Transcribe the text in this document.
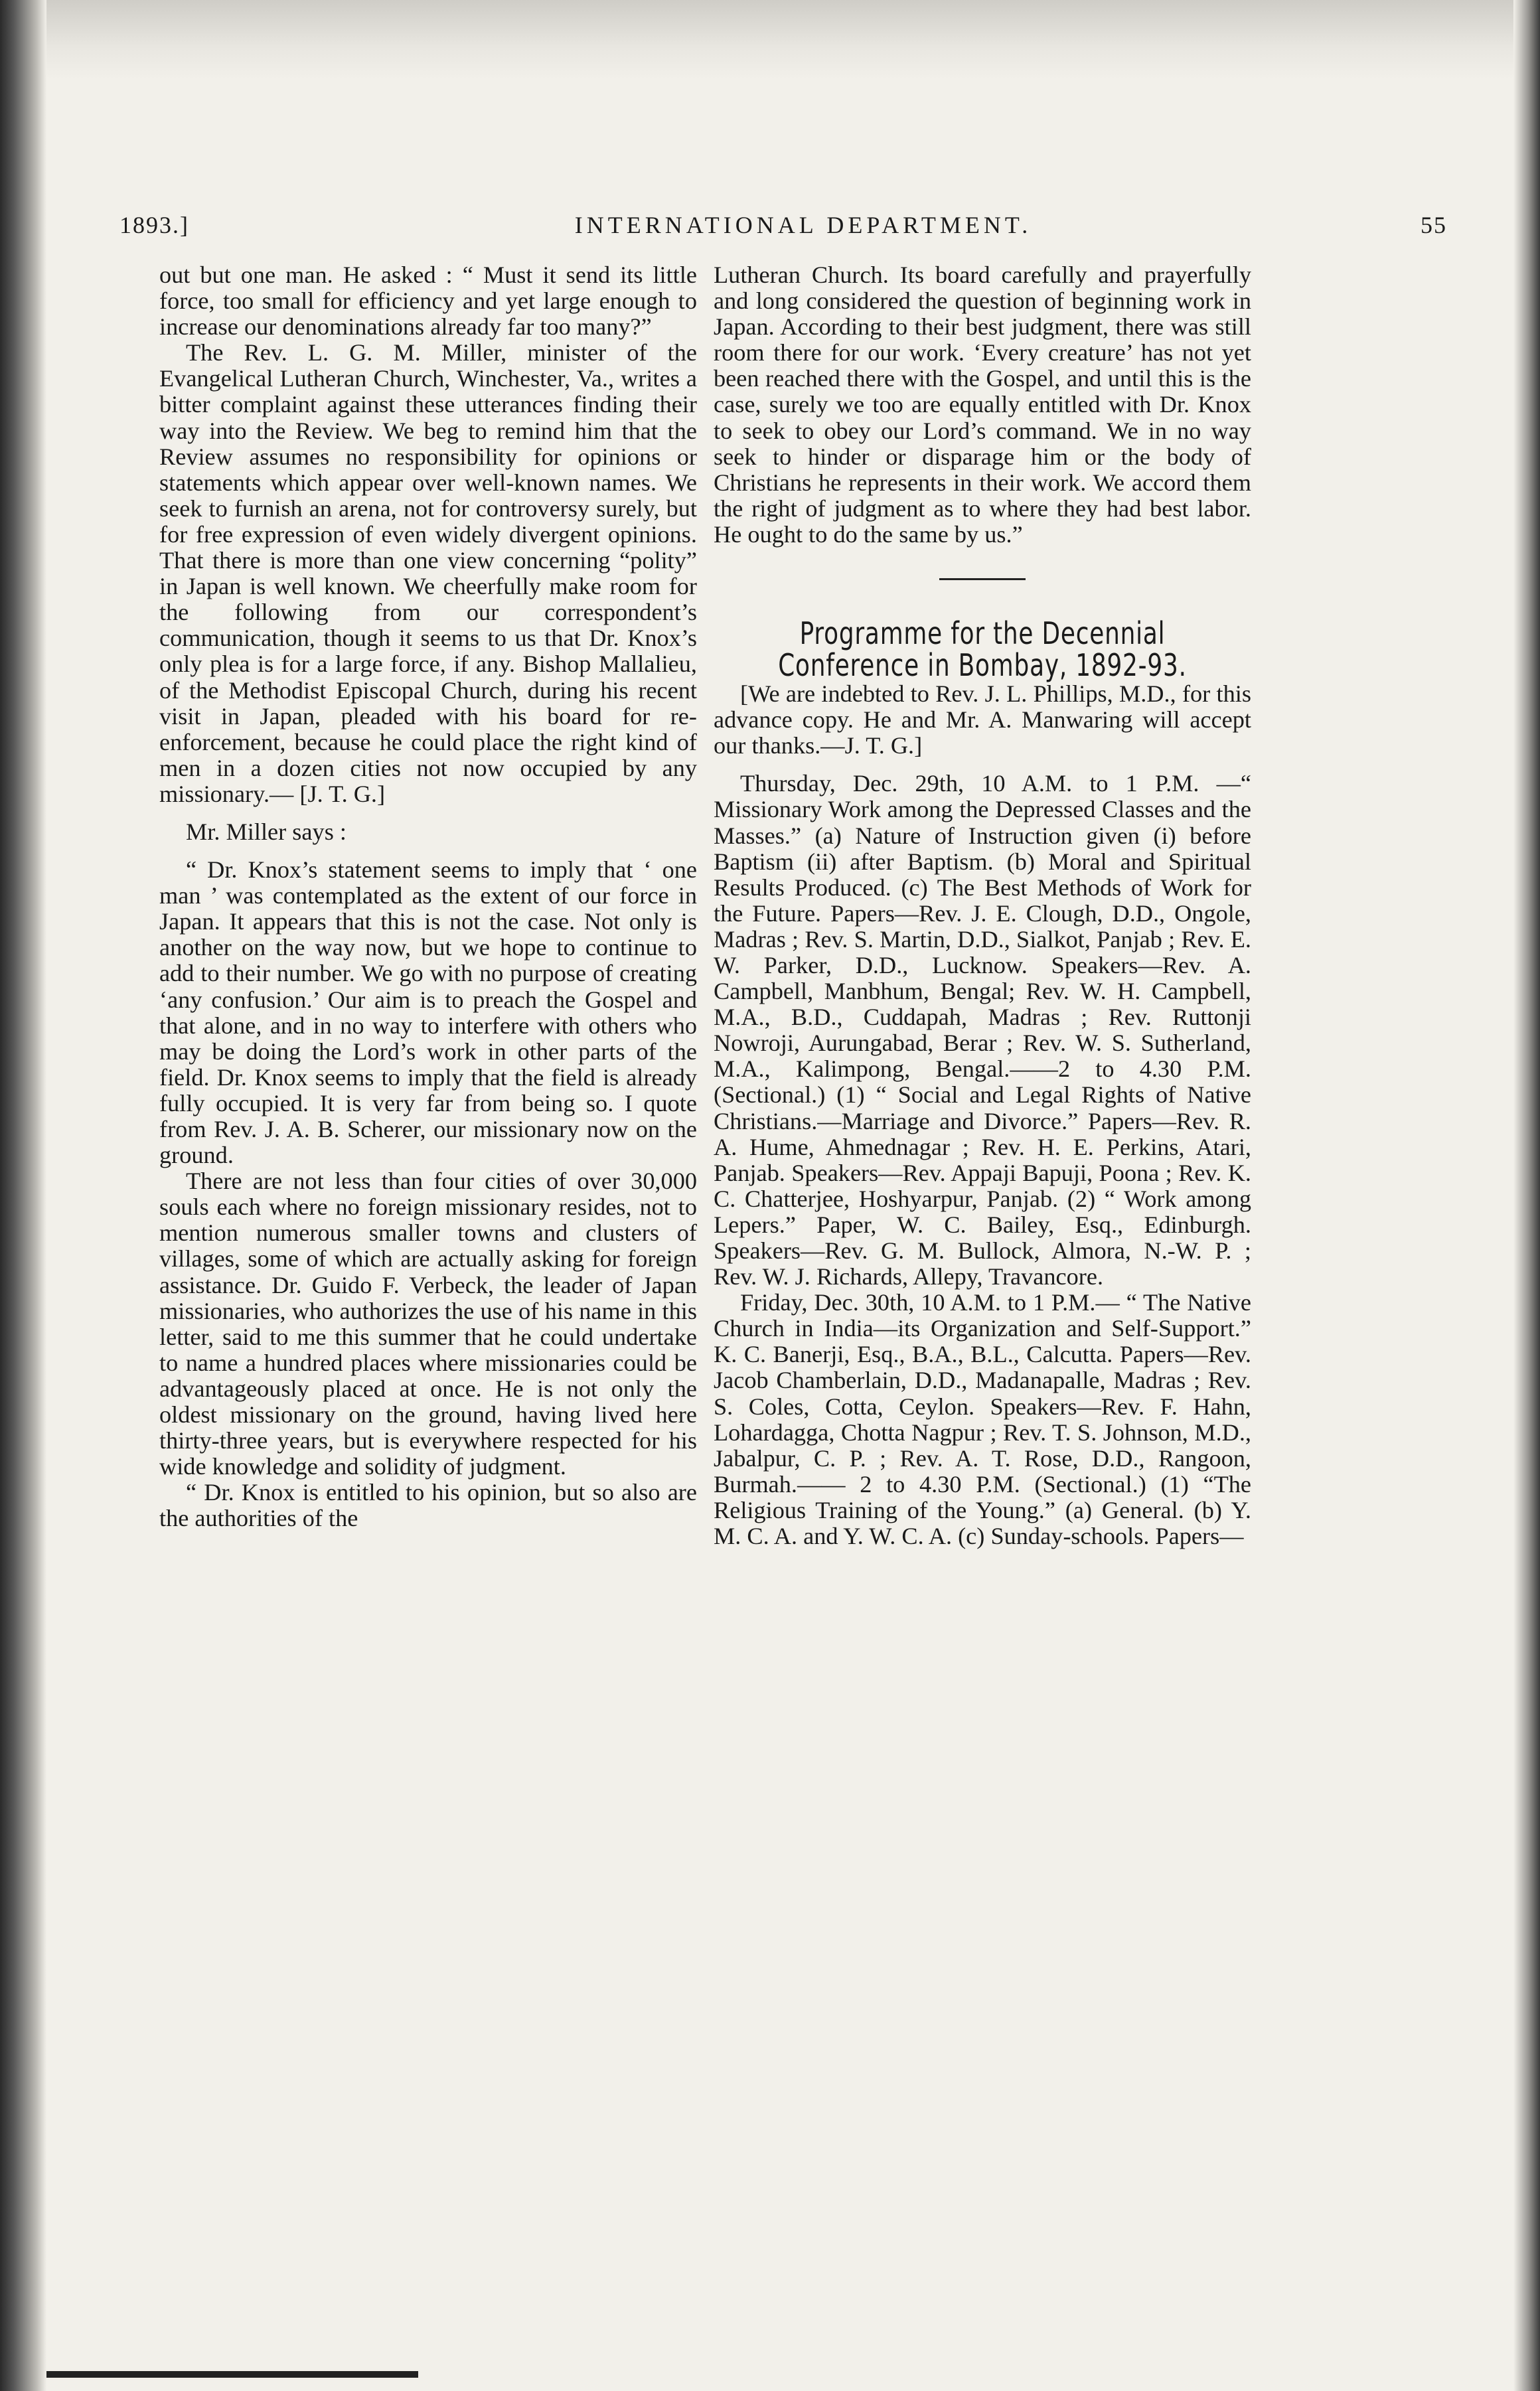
1893.]	INTERNATIONAL DEPARTMENT.	55

out but one man. He asked : “ Must it send its little force, too small for efficiency and yet large enough to increase our denominations already far too many?”

The Rev. L. G. M. Miller, minister of the Evangelical Lutheran Church, Winchester, Va., writes a bitter complaint against these utterances finding their way into the Review. We beg to remind him that the Review assumes no responsibility for opinions or statements which appear over well-known names. We seek to furnish an arena, not for controversy surely, but for free expression of even widely divergent opinions. That there is more than one view concerning “polity” in Japan is well known. We cheerfully make room for the following from our correspondent’s communication, though it seems to us that Dr. Knox’s only plea is for a large force, if any. Bishop Mallalieu, of the Methodist Episcopal Church, during his recent visit in Japan, pleaded with his board for re-enforcement, because he could place the right kind of men in a dozen cities not now occupied by any missionary.— [J. T. G.]

Mr. Miller says :

“ Dr. Knox’s statement seems to imply that ‘ one man ’ was contemplated as the extent of our force in Japan. It appears that this is not the case. Not only is another on the way now, but we hope to continue to add to their number. We go with no purpose of creating ‘any confusion.’ Our aim is to preach the Gospel and that alone, and in no way to interfere with others who may be doing the Lord’s work in other parts of the field. Dr. Knox seems to imply that the field is already fully occupied. It is very far from being so. I quote from Rev. J. A. B. Scherer, our missionary now on the ground.

There are not less than four cities of over 30,000 souls each where no foreign missionary resides, not to mention numerous smaller towns and clusters of villages, some of which are actually asking for foreign assistance. Dr. Guido F. Verbeck, the leader of Japan missionaries, who authorizes the use of his name in this letter, said to me this summer that he could undertake to name a hundred places where missionaries could be advantageously placed at once. He is not only the oldest missionary on the ground, having lived here thirty-three years, but is everywhere respected for his wide knowledge and solidity of judgment.

“ Dr. Knox is entitled to his opinion, but so also are the authorities of the

Lutheran Church. Its board carefully and prayerfully and long considered the question of beginning work in Japan. According to their best judgment, there was still room there for our work. ‘Every creature’ has not yet been reached there with the Gospel, and until this is the case, surely we too are equally entitled with Dr. Knox to seek to obey our Lord’s command. We in no way seek to hinder or disparage him or the body of Christians he represents in their work. We accord them the right of judgment as to where they had best labor. He ought to do the same by us.”

Programme for the Decennial Conference in Bombay, 1892-93.

[We are indebted to Rev. J. L. Phillips, M.D., for this advance copy. He and Mr. A. Manwaring will accept our thanks.—J. T. G.]

Thursday, Dec. 29th, 10 A.M. to 1 P.M. —“ Missionary Work among the Depressed Classes and the Masses.” (a) Nature of Instruction given (i) before Baptism (ii) after Baptism. (b) Moral and Spiritual Results Produced. (c) The Best Methods of Work for the Future. Papers—Rev. J. E. Clough, D.D., Ongole, Madras ; Rev. S. Martin, D.D., Sialkot, Panjab ; Rev. E. W. Parker, D.D., Lucknow. Speakers—Rev. A. Campbell, Manbhum, Bengal; Rev. W. H. Campbell, M.A., B.D., Cuddapah, Madras ; Rev. Ruttonji Nowroji, Aurungabad, Berar ; Rev. W. S. Sutherland, M.A., Kalimpong, Bengal.——2 to 4.30 P.M. (Sectional.) (1) “ Social and Legal Rights of Native Christians.—Marriage and Divorce.” Papers—Rev. R. A. Hume, Ahmednagar ; Rev. H. E. Perkins, Atari, Panjab. Speakers—Rev. Appaji Bapuji, Poona ; Rev. K. C. Chatterjee, Hoshyarpur, Panjab. (2) “ Work among Lepers.” Paper, W. C. Bailey, Esq., Edinburgh. Speakers—Rev. G. M. Bullock, Almora, N.-W. P. ; Rev. W. J. Richards, Allepy, Travancore.

Friday, Dec. 30th, 10 A.M. to 1 P.M.— “ The Native Church in India—its Organization and Self-Support.” K. C. Banerji, Esq., B.A., B.L., Calcutta. Papers—Rev. Jacob Chamberlain, D.D., Madanapalle, Madras ; Rev. S. Coles, Cotta, Ceylon. Speakers—Rev. F. Hahn, Lohardagga, Chotta Nagpur ; Rev. T. S. Johnson, M.D., Jabalpur, C. P. ; Rev. A. T. Rose, D.D., Rangoon, Burmah.—— 2 to 4.30 P.M. (Sectional.) (1) “The Religious Training of the Young.” (a) General. (b) Y. M. C. A. and Y. W. C. A. (c) Sunday-schools. Papers—
